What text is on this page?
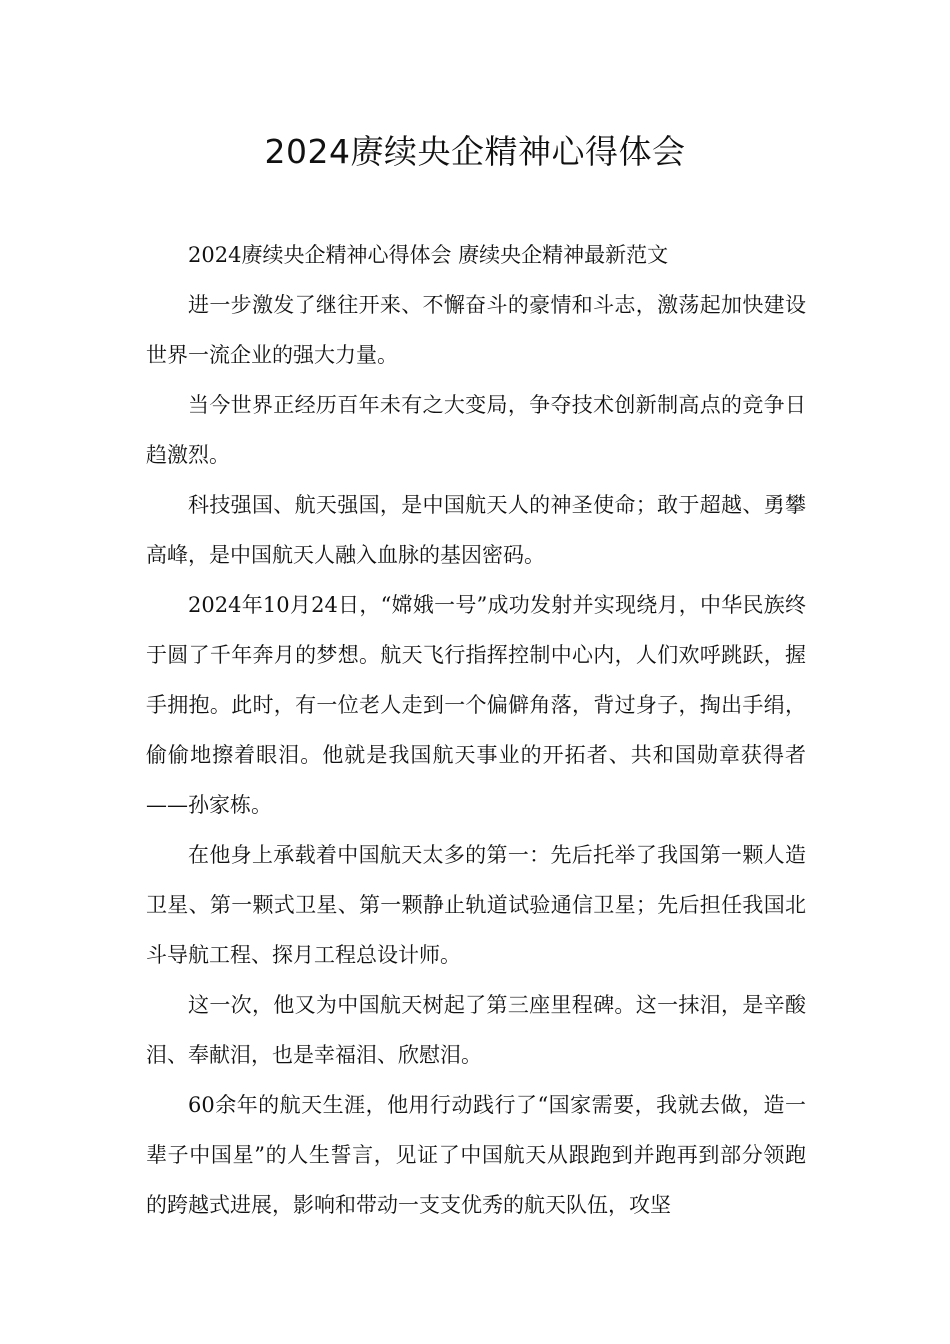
2024赓续央企精神心得体会

2024赓续央企精神心得体会 赓续央企精神最新范文

进一步激发了继往开来、不懈奋斗的豪情和斗志，激荡起加快建设世界一流企业的强大力量。

当今世界正经历百年未有之大变局，争夺技术创新制高点的竞争日趋激烈。

科技强国、航天强国，是中国航天人的神圣使命；敢于超越、勇攀高峰，是中国航天人融入血脉的基因密码。

2024年10月24日，“嫦娥一号”成功发射并实现绕月，中华民族终于圆了千年奔月的梦想。航天飞行指挥控制中心内，人们欢呼跳跃，握手拥抱。此时，有一位老人走到一个偏僻角落，背过身子，掏出手绢，偷偷地擦着眼泪。他就是我国航天事业的开拓者、共和国勋章获得者——孙家栋。

在他身上承载着中国航天太多的第一：先后托举了我国第一颗人造卫星、第一颗式卫星、第一颗静止轨道试验通信卫星；先后担任我国北斗导航工程、探月工程总设计师。

这一次，他又为中国航天树起了第三座里程碑。这一抹泪，是辛酸泪、奉献泪，也是幸福泪、欣慰泪。

60余年的航天生涯，他用行动践行了“国家需要，我就去做，造一辈子中国星”的人生誓言，见证了中国航天从跟跑到并跑再到部分领跑的跨越式进展，影响和带动一支支优秀的航天队伍，攻坚
